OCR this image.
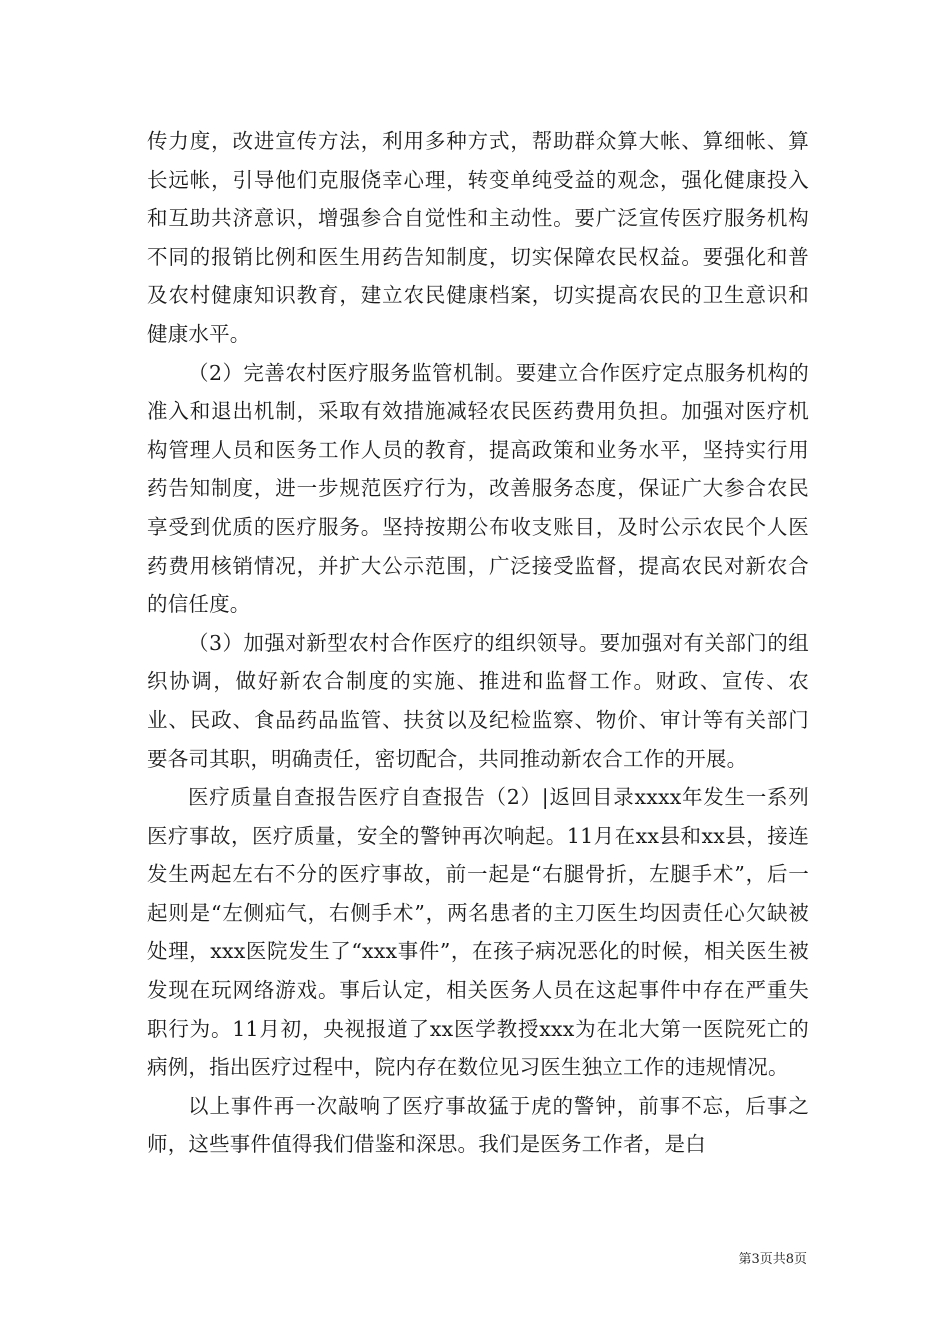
传力度，改进宣传方法，利用多种方式，帮助群众算大帐、算细帐、算长远帐，引导他们克服侥幸心理，转变单纯受益的观念，强化健康投入和互助共济意识，增强参合自觉性和主动性。要广泛宣传医疗服务机构不同的报销比例和医生用药告知制度，切实保障农民权益。要强化和普及农村健康知识教育，建立农民健康档案，切实提高农民的卫生意识和健康水平。

（2）完善农村医疗服务监管机制。要建立合作医疗定点服务机构的准入和退出机制，采取有效措施减轻农民医药费用负担。加强对医疗机构管理人员和医务工作人员的教育，提高政策和业务水平，坚持实行用药告知制度，进一步规范医疗行为，改善服务态度，保证广大参合农民享受到优质的医疗服务。坚持按期公布收支账目，及时公示农民个人医药费用核销情况，并扩大公示范围，广泛接受监督，提高农民对新农合的信任度。

（3）加强对新型农村合作医疗的组织领导。要加强对有关部门的组织协调，做好新农合制度的实施、推进和监督工作。财政、宣传、农业、民政、食品药品监管、扶贫以及纪检监察、物价、审计等有关部门要各司其职，明确责任，密切配合，共同推动新农合工作的开展。

医疗质量自查报告医疗自查报告（2）|返回目录xxxx年发生一系列医疗事故，医疗质量，安全的警钟再次响起。11月在xx县和xx县，接连发生两起左右不分的医疗事故，前一起是“右腿骨折，左腿手术”，后一起则是“左侧疝气，右侧手术”，两名患者的主刀医生均因责任心欠缺被处理，xxx医院发生了“xxx事件”，在孩子病况恶化的时候，相关医生被发现在玩网络游戏。事后认定，相关医务人员在这起事件中存在严重失职行为。11月初，央视报道了xx医学教授xxx为在北大第一医院死亡的病例，指出医疗过程中，院内存在数位见习医生独立工作的违规情况。

以上事件再一次敲响了医疗事故猛于虎的警钟，前事不忘，后事之师，这些事件值得我们借鉴和深思。我们是医务工作者，是白

第3页共8页
